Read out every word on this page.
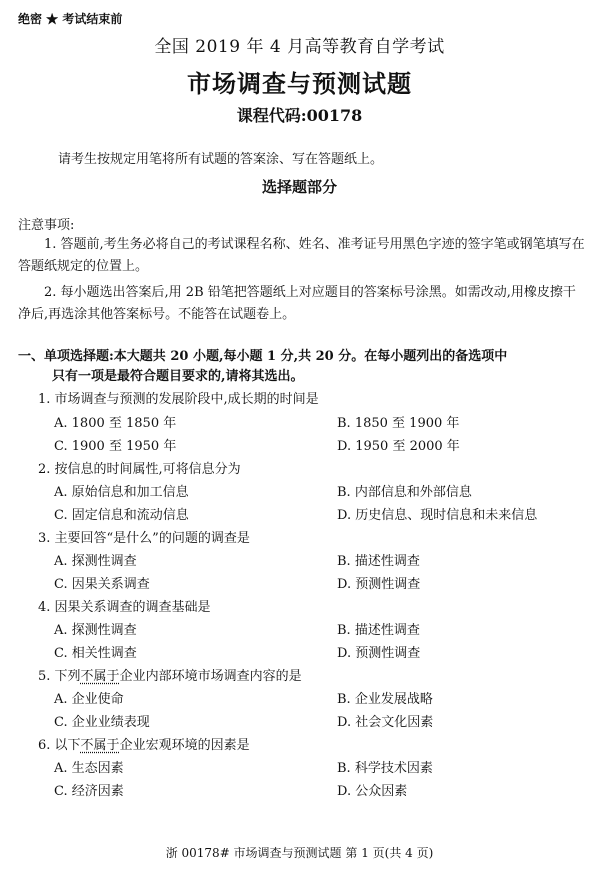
绝密 ★ 考试结束前
全国 2019 年 4 月高等教育自学考试
市场调查与预测试题
课程代码:00178
请考生按规定用笔将所有试题的答案涂、写在答题纸上。
选择题部分
注意事项:
1. 答题前,考生务必将自己的考试课程名称、姓名、准考证号用黑色字迹的签字笔或钢笔填写在答题纸规定的位置上。
2. 每小题选出答案后,用 2B 铅笔把答题纸上对应题目的答案标号涂黑。如需改动,用橡皮擦干净后,再选涂其他答案标号。不能答在试题卷上。
一、单项选择题:本大题共 20 小题,每小题 1 分,共 20 分。在每小题列出的备选项中
只有一项是最符合题目要求的,请将其选出。
1. 市场调查与预测的发展阶段中,成长期的时间是
A. 1800 至 1850 年	B. 1850 至 1900 年
C. 1900 至 1950 年	D. 1950 至 2000 年
2. 按信息的时间属性,可将信息分为
A. 原始信息和加工信息	B. 内部信息和外部信息
C. 固定信息和流动信息	D. 历史信息、现时信息和未来信息
3. 主要回答“是什么”的问题的调查是
A. 探测性调查	B. 描述性调查
C. 因果关系调查	D. 预测性调查
4. 因果关系调查的调查基础是
A. 探测性调查	B. 描述性调查
C. 相关性调查	D. 预测性调查
5. 下列不属于企业内部环境市场调查内容的是
A. 企业使命	B. 企业发展战略
C. 企业业绩表现	D. 社会文化因素
6. 以下不属于企业宏观环境的因素是
A. 生态因素	B. 科学技术因素
C. 经济因素	D. 公众因素
浙 00178# 市场调查与预测试题 第 1 页(共 4 页)
